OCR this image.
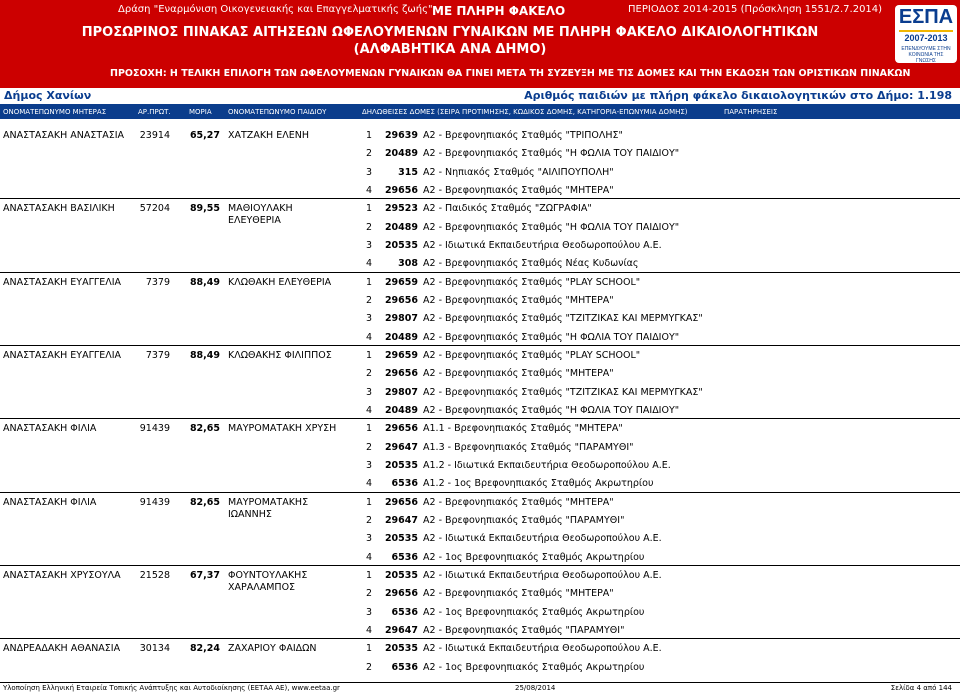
Δράση "Εναρμόνιση Οικογενειακής και Επαγγελματικής ζωής" ΜΕ ΠΛΗΡΗ ΦΑΚΕΛΟ	ΠΕΡΙΟΔΟΣ 2014-2015 (Πρόσκληση 1551/2.7.2014)
ΠΡΟΣΩΡΙΝΟΣ ΠΙΝΑΚΑΣ ΑΙΤΗΣΕΩΝ ΩΦΕΛΟΥΜΕΝΩΝ ΓΥΝΑΙΚΩΝ ΜΕ ΠΛΗΡΗ ΦΑΚΕΛΟ ΔΙΚΑΙΟΛΟΓΗΤΙΚΩΝ
(ΑΛΦΑΒΗΤΙΚΑ ΑΝΑ ΔΗΜΟ)
ΠΡΟΣΟΧΗ: Η ΤΕΛΙΚΗ ΕΠΙΛΟΓΗ ΤΩΝ ΩΦΕΛΟΥΜΕΝΩΝ ΓΥΝΑΙΚΩΝ ΘΑ ΓΙΝΕΙ ΜΕΤΑ ΤΗ ΣΥΖΕΥΞΗ ΜΕ ΤΙΣ ΔΟΜΕΣ ΚΑΙ ΤΗΝ ΕΚΔΟΣΗ ΤΩΝ ΟΡΙΣΤΙΚΩΝ ΠΙΝΑΚΩΝ
ΕΣΠΑ
2007-2013
ΕΠΕΝΔΥΟΥΜΕ ΣΤΗΝ ΚΟΙΝΩΝΙΑ ΤΗΣ ΓΝΩΣΗΣ
Δήμος Χανίων	Αριθμός παιδιών με πλήρη φάκελο δικαιολογητικών στο Δήμο: 1.198
ΟΝΟΜΑΤΕΠΩΝΥΜΟ ΜΗΤΕΡΑΣ	ΑΡ.ΠΡΩΤ.	ΜΟΡΙΑ ΟΝΟΜΑΤΕΠΩΝΥΜΟ ΠΑΙΔΙΟΥ	ΔΗΛΩΘΕΙΣΕΣ ΔΟΜΕΣ (ΣΕΙΡΑ ΠΡΟΤΙΜΗΣΗΣ, ΚΩΔΙΚΟΣ ΔΟΜΗΣ, ΚΑΤΗΓΟΡΙΑ-ΕΠΩΝΥΜΙΑ ΔΟΜΗΣ)	ΠΑΡΑΤΗΡΗΣΕΙΣ
ΑΝΑΣΤΑΣΑΚΗ ΑΝΑΣΤΑΣΙΑ	23914	65,27 ΧΑΤΖΑΚΗ ΕΛΕΝΗ	1	29639 Α2 - Βρεφονηπιακός Σταθμός "ΤΡΙΠΟΛΗΣ"
2	20489 Α2 - Βρεφονηπιακός Σταθμός "Η ΦΩΛΙΑ ΤΟΥ ΠΑΙΔΙΟΥ"
3	315 Α2 - Νηπιακός Σταθμός "ΑΙΛΙΠΟΥΠΟΛΗ"
4	29656 Α2 - Βρεφονηπιακός Σταθμός "ΜΗΤΕΡΑ"
ΑΝΑΣΤΑΣΑΚΗ ΒΑΣΙΛΙΚΗ	57204	89,55 ΜΑΘΙΟΥΛΑΚΗ ΕΛΕΥΘΕΡΙΑ
1	29523 Α2 - Παιδικός Σταθμός "ΖΩΓΡΑΦΙΑ"
2	20489 Α2 - Βρεφονηπιακός Σταθμός "Η ΦΩΛΙΑ ΤΟΥ ΠΑΙΔΙΟΥ"
3	20535 Α2 - Ιδιωτικά Εκπαιδευτήρια Θεοδωροπούλου Α.Ε.
4	308 Α2 - Βρεφονηπιακός Σταθμός Νέας Κυδωνίας
ΑΝΑΣΤΑΣΑΚΗ ΕΥΑΓΓΕΛΙΑ	7379	88,49 ΚΛΩΘΑΚΗ ΕΛΕΥΘΕΡΙΑ	1	29659 Α2 - Βρεφονηπιακός Σταθμός "PLAY SCHOOL"
2	29656 Α2 - Βρεφονηπιακός Σταθμός "ΜΗΤΕΡΑ"
3	29807 Α2 - Βρεφονηπιακός Σταθμός "ΤΖΙΤΖΙΚΑΣ ΚΑΙ ΜΕΡΜΥΓΚΑΣ"
4	20489 Α2 - Βρεφονηπιακός Σταθμός "Η ΦΩΛΙΑ ΤΟΥ ΠΑΙΔΙΟΥ"
ΑΝΑΣΤΑΣΑΚΗ ΕΥΑΓΓΕΛΙΑ	7379	88,49 ΚΛΩΘΑΚΗΣ ΦΙΛΙΠΠΟΣ	1	29659 Α2 - Βρεφονηπιακός Σταθμός "PLAY SCHOOL"
2	29656 Α2 - Βρεφονηπιακός Σταθμός "ΜΗΤΕΡΑ"
3	29807 Α2 - Βρεφονηπιακός Σταθμός "ΤΖΙΤΖΙΚΑΣ ΚΑΙ ΜΕΡΜΥΓΚΑΣ"
4	20489 Α2 - Βρεφονηπιακός Σταθμός "Η ΦΩΛΙΑ ΤΟΥ ΠΑΙΔΙΟΥ"
ΑΝΑΣΤΑΣΑΚΗ ΦΙΛΙΑ	91439	82,65 ΜΑΥΡΟΜΑΤΑΚΗ ΧΡΥΣΗ	1	29656 Α1.1 - Βρεφονηπιακός Σταθμός "ΜΗΤΕΡΑ"
2	29647 Α1.3 - Βρεφονηπιακός Σταθμός "ΠΑΡΑΜΥΘΙ"
3	20535 Α1.2 - Ιδιωτικά Εκπαιδευτήρια Θεοδωροπούλου Α.Ε.
4	6536 Α1.2 - 1ος Βρεφονηπιακός Σταθμός Ακρωτηρίου
ΑΝΑΣΤΑΣΑΚΗ ΦΙΛΙΑ	91439	82,65 ΜΑΥΡΟΜΑΤΑΚΗΣ ΙΩΑΝΝΗΣ
1	29656 Α2 - Βρεφονηπιακός Σταθμός "ΜΗΤΕΡΑ"
2	29647 Α2 - Βρεφονηπιακός Σταθμός "ΠΑΡΑΜΥΘΙ"
3	20535 Α2 - Ιδιωτικά Εκπαιδευτήρια Θεοδωροπούλου Α.Ε.
4	6536 Α2 - 1ος Βρεφονηπιακός Σταθμός Ακρωτηρίου
ΑΝΑΣΤΑΣΑΚΗ ΧΡΥΣΟΥΛΑ	21528	67,37 ΦΟΥΝΤΟΥΛΑΚΗΣ ΧΑΡΑΛΑΜΠΟΣ
1	20535 Α2 - Ιδιωτικά Εκπαιδευτήρια Θεοδωροπούλου Α.Ε.
2	29656 Α2 - Βρεφονηπιακός Σταθμός "ΜΗΤΕΡΑ"
3	6536 Α2 - 1ος Βρεφονηπιακός Σταθμός Ακρωτηρίου
4	29647 Α2 - Βρεφονηπιακός Σταθμός "ΠΑΡΑΜΥΘΙ"
ΑΝΔΡΕΑΔΑΚΗ ΑΘΑΝΑΣΙΑ	30134	82,24 ΖΑΧΑΡΙΟΥ ΦΑΙΔΩΝ	1	20535 Α2 - Ιδιωτικά Εκπαιδευτήρια Θεοδωροπούλου Α.Ε.
2	6536 Α2 - 1ος Βρεφονηπιακός Σταθμός Ακρωτηρίου
Υλοποίηση Ελληνική Εταιρεία Τοπικής Ανάπτυξης και Αυτοδιοίκησης (ΕΕΤΑΑ ΑΕ), www.eetaa.gr	25/08/2014	Σελίδα 4 από 144
